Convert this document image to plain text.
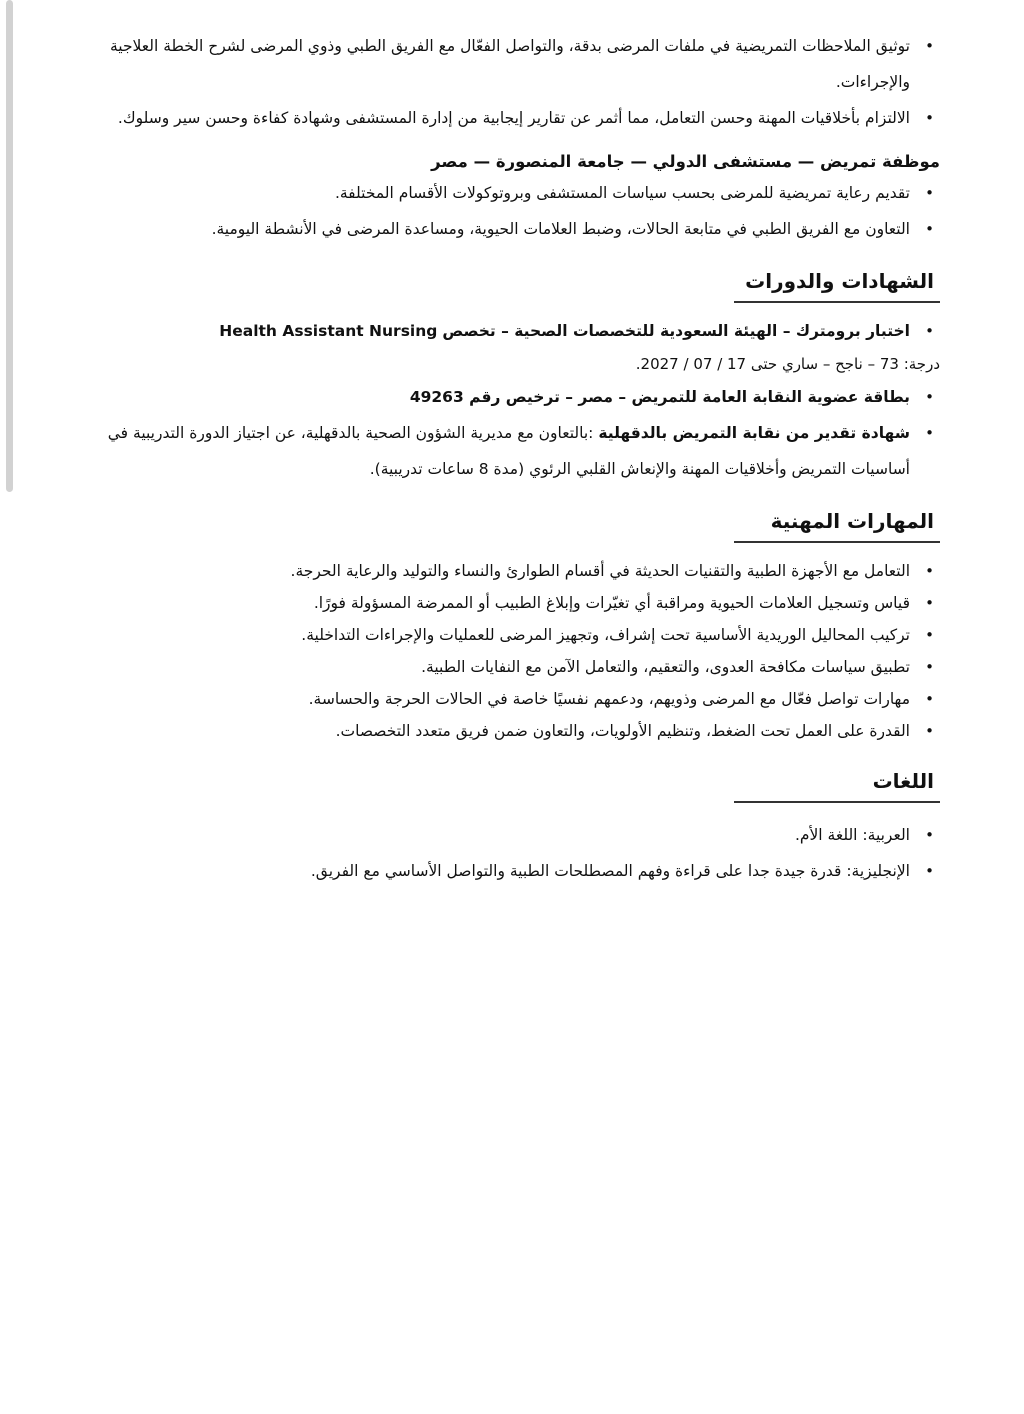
•
توثيق الملاحظات التمريضية في ملفات المرضى بدقة، والتواصل الفعّال مع الفريق الطبي وذوي المرضى لشرح الخطة العلاجية والإجراءات.
•
الالتزام بأخلاقيات المهنة وحسن التعامل، مما أثمر عن تقارير إيجابية من إدارة المستشفى وشهادة كفاءة وحسن سير وسلوك.
موظفة تمريض — مستشفى الدولي — جامعة المنصورة — مصر
•
تقديم رعاية تمريضية للمرضى بحسب سياسات المستشفى وبروتوكولات الأقسام المختلفة.
•
التعاون مع الفريق الطبي في متابعة الحالات، وضبط العلامات الحيوية، ومساعدة المرضى في الأنشطة اليومية.
الشهادات والدورات
•
اختبار برومترك – الهيئة السعودية للتخصصات الصحية – تخصص Health Assistant Nursing
درجة: 73 – ناجح – ساري حتى 17 / 07 / 2027.
•
بطاقة عضوية النقابة العامة للتمريض – مصر – ترخيص رقم 49263
•
شهادة تقدير من نقابة التمريض بالدقهلية :بالتعاون مع مديرية الشؤون الصحية بالدقهلية، عن اجتياز الدورة التدريبية في أساسيات التمريض وأخلاقيات المهنة والإنعاش القلبي الرئوي (مدة 8 ساعات تدريبية).
المهارات المهنية
•
التعامل مع الأجهزة الطبية والتقنيات الحديثة في أقسام الطوارئ والنساء والتوليد والرعاية الحرجة.
•
قياس وتسجيل العلامات الحيوية ومراقبة أي تغيّرات وإبلاغ الطبيب أو الممرضة المسؤولة فورًا.
•
تركيب المحاليل الوريدية الأساسية تحت إشراف، وتجهيز المرضى للعمليات والإجراءات التداخلية.
•
تطبيق سياسات مكافحة العدوى، والتعقيم، والتعامل الآمن مع النفايات الطبية.
•
مهارات تواصل فعّال مع المرضى وذويهم، ودعمهم نفسيًا خاصة في الحالات الحرجة والحساسة.
•
القدرة على العمل تحت الضغط، وتنظيم الأولويات، والتعاون ضمن فريق متعدد التخصصات.
اللغات
•
العربية: اللغة الأم.
•
الإنجليزية: قدرة جيدة جدا على قراءة وفهم المصطلحات الطبية والتواصل الأساسي مع الفريق.
